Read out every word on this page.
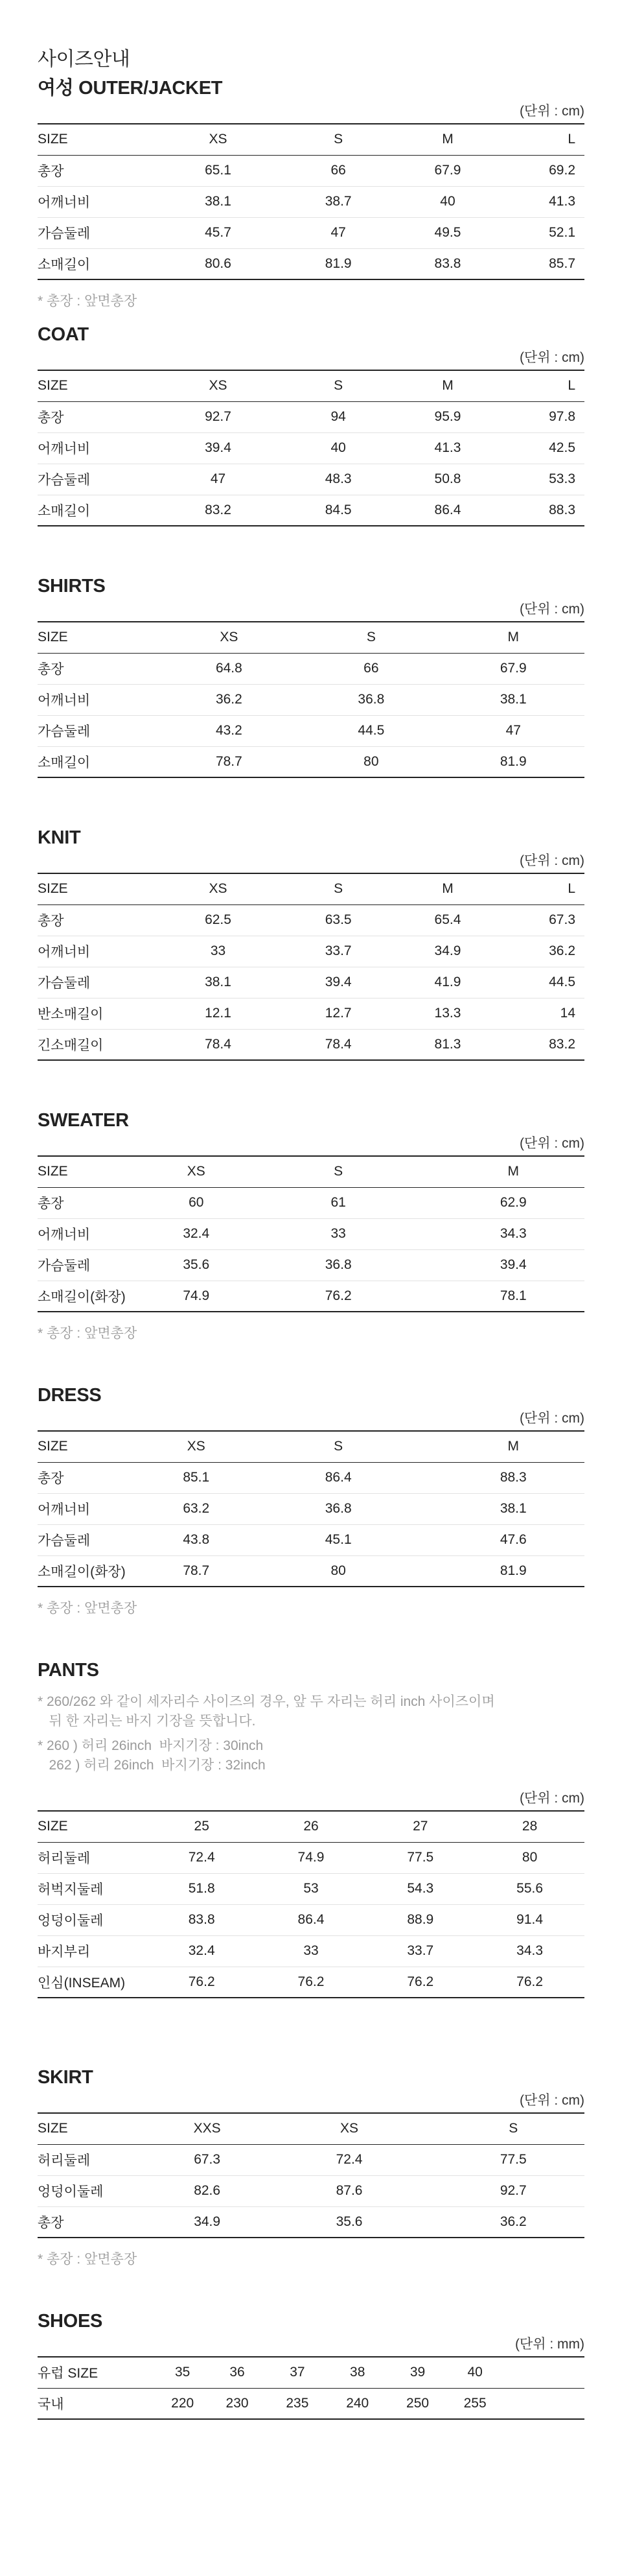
사이즈안내
여성 OUTER/JACKET
(단위 : cm)
SIZE	XS	S	M	L
총장	65.1	66	67.9	69.2
어깨너비	38.1	38.7	40	41.3
가슴둘레	45.7	47	49.5	52.1
소매길이	80.6	81.9	83.8	85.7
* 총장 : 앞면총장
COAT
(단위 : cm)
SIZE	XS	S	M	L
총장	92.7	94	95.9	97.8
어깨너비	39.4	40	41.3	42.5
가슴둘레	47	48.3	50.8	53.3
소매길이	83.2	84.5	86.4	88.3
SHIRTS
(단위 : cm)
SIZE	XS	S	M
총장	64.8	66	67.9
어깨너비	36.2	36.8	38.1
가슴둘레	43.2	44.5	47
소매길이	78.7	80	81.9
KNIT
(단위 : cm)
SIZE	XS	S	M	L
총장	62.5	63.5	65.4	67.3
어깨너비	33	33.7	34.9	36.2
가슴둘레	38.1	39.4	41.9	44.5
반소매길이	12.1	12.7	13.3	14
긴소매길이	78.4	78.4	81.3	83.2
SWEATER
(단위 : cm)
SIZE	XS	S	M
총장	60	61	62.9
어깨너비	32.4	33	34.3
가슴둘레	35.6	36.8	39.4
소매길이(화장)	74.9	76.2	78.1
* 총장 : 앞면총장
DRESS
(단위 : cm)
SIZE	XS	S	M
총장	85.1	86.4	88.3
어깨너비	63.2	36.8	38.1
가슴둘레	43.8	45.1	47.6
소매길이(화장)	78.7	80	81.9
* 총장 : 앞면총장
PANTS
* 260/262 와 같이 세자리수 사이즈의 경우, 앞 두 자리는 허리 inch 사이즈이며
뒤 한 자리는 바지 기장을 뜻합니다.
* 260 ) 허리 26inch  바지기장 : 30inch
262 ) 허리 26inch  바지기장 : 32inch
(단위 : cm)
SIZE	25	26	27	28
허리둘레	72.4	74.9	77.5	80
허벅지둘레	51.8	53	54.3	55.6
엉덩이둘레	83.8	86.4	88.9	91.4
바지부리	32.4	33	33.7	34.3
인심(INSEAM)	76.2	76.2	76.2	76.2
SKIRT
(단위 : cm)
SIZE	XXS	XS	S
허리둘레	67.3	72.4	77.5
엉덩이둘레	82.6	87.6	92.7
총장	34.9	35.6	36.2
* 총장 : 앞면총장
SHOES
(단위 : mm)
유럽 SIZE	35	36	37	38	39	40	
국내	220	230	235	240	250	255	
